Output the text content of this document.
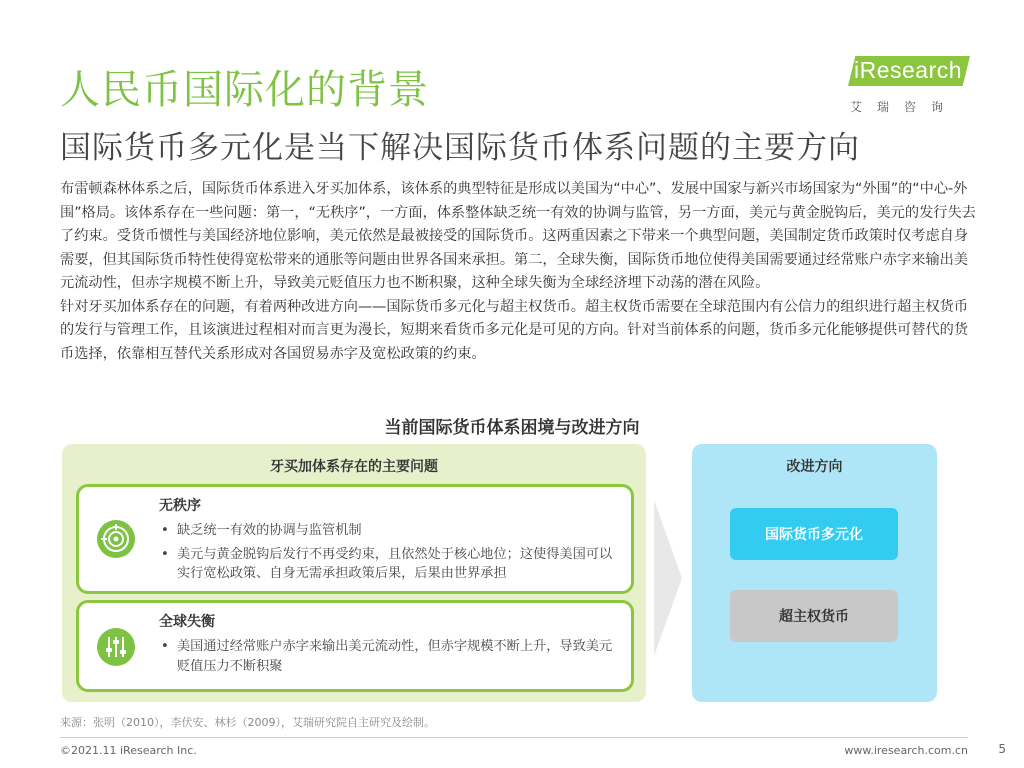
人民币国际化的背景
国际货币多元化是当下解决国际货币体系问题的主要方向
iResearch
艾瑞咨询

布雷顿森林体系之后，国际货币体系进入牙买加体系，该体系的典型特征是形成以美国为“中心”、发展中国家与新兴市场国家为“外围”的“中心-外围”格局。该体系存在一些问题：第一，“无秩序”，一方面，体系整体缺乏统一有效的协调与监管，另一方面，美元与黄金脱钩后，美元的发行失去了约束。受货币惯性与美国经济地位影响，美元依然是最被接受的国际货币。这两重因素之下带来一个典型问题，美国制定货币政策时仅考虑自身需要，但其国际货币特性使得宽松带来的通胀等问题由世界各国来承担。第二，全球失衡，国际货币地位使得美国需要通过经常账户赤字来输出美元流动性，但赤字规模不断上升，导致美元贬值压力也不断积聚，这种全球失衡为全球经济埋下动荡的潜在风险。

针对牙买加体系存在的问题，有着两种改进方向——国际货币多元化与超主权货币。超主权货币需要在全球范围内有公信力的组织进行超主权货币的发行与管理工作，且该演进过程相对而言更为漫长，短期来看货币多元化是可见的方向。针对当前体系的问题，货币多元化能够提供可替代的货币选择，依靠相互替代关系形成对各国贸易赤字及宽松政策的约束。

当前国际货币体系困境与改进方向
牙买加体系存在的主要问题
无秩序
• 缺乏统一有效的协调与监管机制
• 美元与黄金脱钩后发行不再受约束，且依然处于核心地位；这使得美国可以实行宽松政策、自身无需承担政策后果，后果由世界承担
全球失衡
• 美国通过经常账户赤字来输出美元流动性，但赤字规模不断上升，导致美元贬值压力不断积聚
改进方向
国际货币多元化
超主权货币
来源：张明（2010），李伏安、林杉（2009），艾瑞研究院自主研究及绘制。
©2021.11 iResearch Inc.	www.iresearch.com.cn	5
